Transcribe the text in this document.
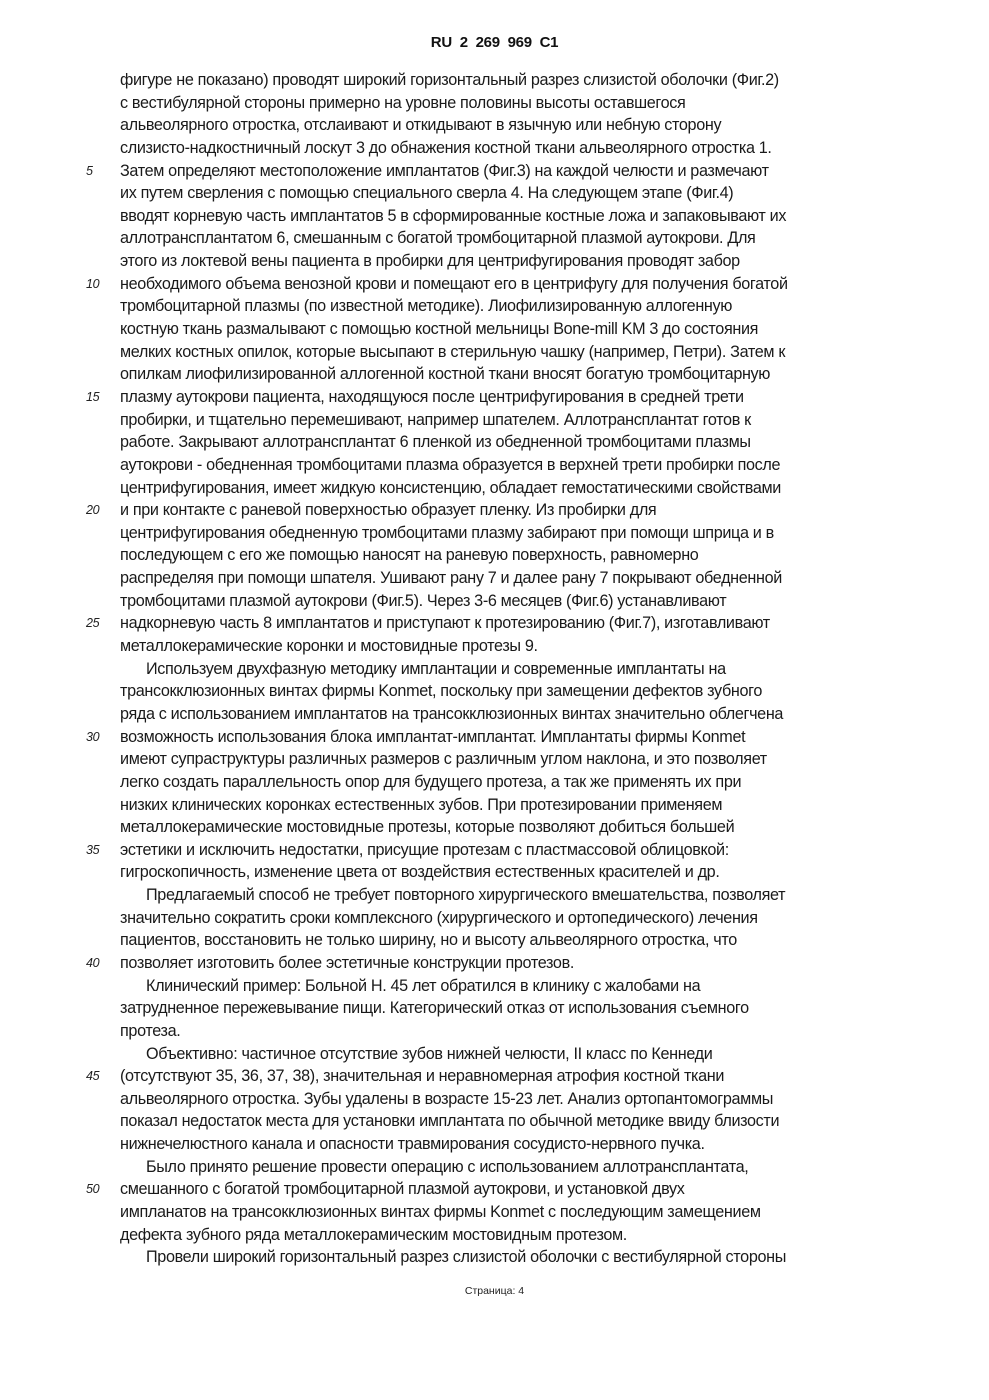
RU 2 269 969 C1
фигуре не показано) проводят широкий горизонтальный разрез слизистой оболочки (Фиг.2)
с вестибулярной стороны примерно на уровне половины высоты оставшегося
альвеолярного отростка, отслаивают и откидывают в язычную или небную сторону
слизисто-надкостничный лоскут 3 до обнажения костной ткани альвеолярного отростка 1.
5	Затем определяют местоположение имплантатов (Фиг.3) на каждой челюсти и размечают
их путем сверления с помощью специального сверла 4. На следующем этапе (Фиг.4)
вводят корневую часть имплантатов 5 в сформированные костные ложа и запаковывают их
аллотрансплантатом 6, смешанным с богатой тромбоцитарной плазмой аутокрови. Для
этого из локтевой вены пациента в пробирки для центрифугирования проводят забор
10	необходимого объема венозной крови и помещают его в центрифугу для получения богатой
тромбоцитарной плазмы (по известной методике). Лиофилизированную аллогенную
костную ткань размалывают с помощью костной мельницы Bone-mill KM 3 до состояния
мелких костных опилок, которые высыпают в стерильную чашку (например, Петри). Затем к
опилкам лиофилизированной аллогенной костной ткани вносят богатую тромбоцитарную
15	плазму аутокрови пациента, находящуюся после центрифугирования в средней трети
пробирки, и тщательно перемешивают, например шпателем. Аллотрансплантат готов к
работе. Закрывают аллотрансплантат 6 пленкой из обедненной тромбоцитами плазмы
аутокрови - обедненная тромбоцитами плазма образуется в верхней трети пробирки после
центрифугирования, имеет жидкую консистенцию, обладает гемостатическими свойствами
20	и при контакте с раневой поверхностью образует пленку. Из пробирки для
центрифугирования обедненную тромбоцитами плазму забирают при помощи шприца и в
последующем с его же помощью наносят на раневую поверхность, равномерно
распределяя при помощи шпателя. Ушивают рану 7 и далее рану 7 покрывают обедненной
тромбоцитами плазмой аутокрови (Фиг.5). Через 3-6 месяцев (Фиг.6) устанавливают
25	надкорневую часть 8 имплантатов и приступают к протезированию (Фиг.7), изготавливают
металлокерамические коронки и мостовидные протезы 9.
Используем двухфазную методику имплантации и современные имплантаты на
трансокклюзионных винтах фирмы Konmet, поскольку при замещении дефектов зубного
ряда с использованием имплантатов на трансокклюзионных винтах значительно облегчена
30	возможность использования блока имплантат-имплантат. Имплантаты фирмы Konmet
имеют супраструктуры различных размеров с различным углом наклона, и это позволяет
легко создать параллельность опор для будущего протеза, а так же применять их при
низких клинических коронках естественных зубов. При протезировании применяем
металлокерамические мостовидные протезы, которые позволяют добиться большей
35	эстетики и исключить недостатки, присущие протезам с пластмассовой облицовкой:
гигроскопичность, изменение цвета от воздействия естественных красителей и др.
Предлагаемый способ не требует повторного хирургического вмешательства, позволяет
значительно сократить сроки комплексного (хирургического и ортопедического) лечения
пациентов, восстановить не только ширину, но и высоту альвеолярного отростка, что
40	позволяет изготовить более эстетичные конструкции протезов.
Клинический пример: Больной Н. 45 лет обратился в клинику с жалобами на
затрудненное пережевывание пищи. Категорический отказ от использования съемного
протеза.
Объективно: частичное отсутствие зубов нижней челюсти, II класс по Кеннеди
45	(отсутствуют 35, 36, 37, 38), значительная и неравномерная атрофия костной ткани
альвеолярного отростка. Зубы удалены в возрасте 15-23 лет. Анализ ортопантомограммы
показал недостаток места для установки имплантата по обычной методике ввиду близости
нижнечелюстного канала и опасности травмирования сосудисто-нервного пучка.
Было принято решение провести операцию с использованием аллотрансплантата,
50	смешанного с богатой тромбоцитарной плазмой аутокрови, и установкой двух
импланатов на трансокклюзионных винтах фирмы Konmet с последующим замещением
дефекта зубного ряда металлокерамическим мостовидным протезом.
Провели широкий горизонтальный разрез слизистой оболочки с вестибулярной стороны
Страница: 4
